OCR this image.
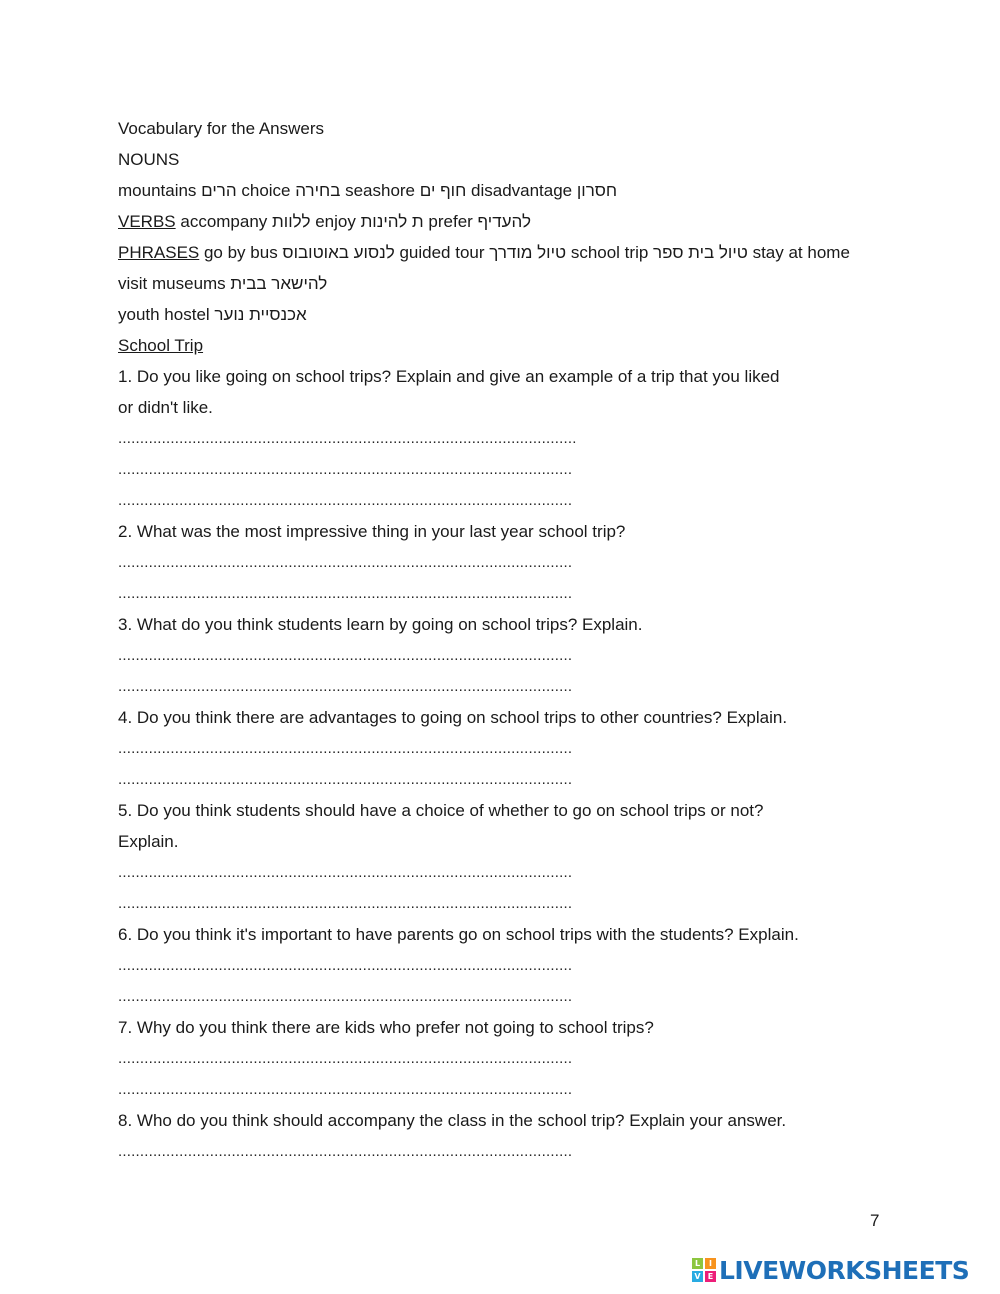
Vocabulary for the Answers
NOUNS
mountains הרים choice בחירה seashore חוף ים disadvantage חסרון
VERBS accompany ללוות enjoy ת להינות prefer להעדיף
PHRASES go by bus לנסוע באוטובוס guided tour טיול מודרך school trip טיול בית ספר stay at home
להישאר בבית visit museums
youth hostel אכנסיית נוער
School Trip
1. Do you like going on school trips? Explain and give an example of a trip that you liked
or didn't like.
.........................................................................................................
........................................................................................................
........................................................................................................
2. What was the most impressive thing in your last year school trip?
........................................................................................................
........................................................................................................
3. What do you think students learn by going on school trips? Explain.
........................................................................................................
........................................................................................................
4. Do you think there are advantages to going on school trips to other countries? Explain.
........................................................................................................
........................................................................................................
5. Do you think students should have a choice of whether to go on school trips or not?
Explain.
........................................................................................................
........................................................................................................
6. Do you think it's important to have parents go on school trips with the students? Explain.
........................................................................................................
........................................................................................................
7. Why do you think there are kids who prefer not going to school trips?
........................................................................................................
........................................................................................................
8. Who do you think should accompany the class in the school trip? Explain your answer.
........................................................................................................
7
L	I
V E LIVEWORKSHEETS
